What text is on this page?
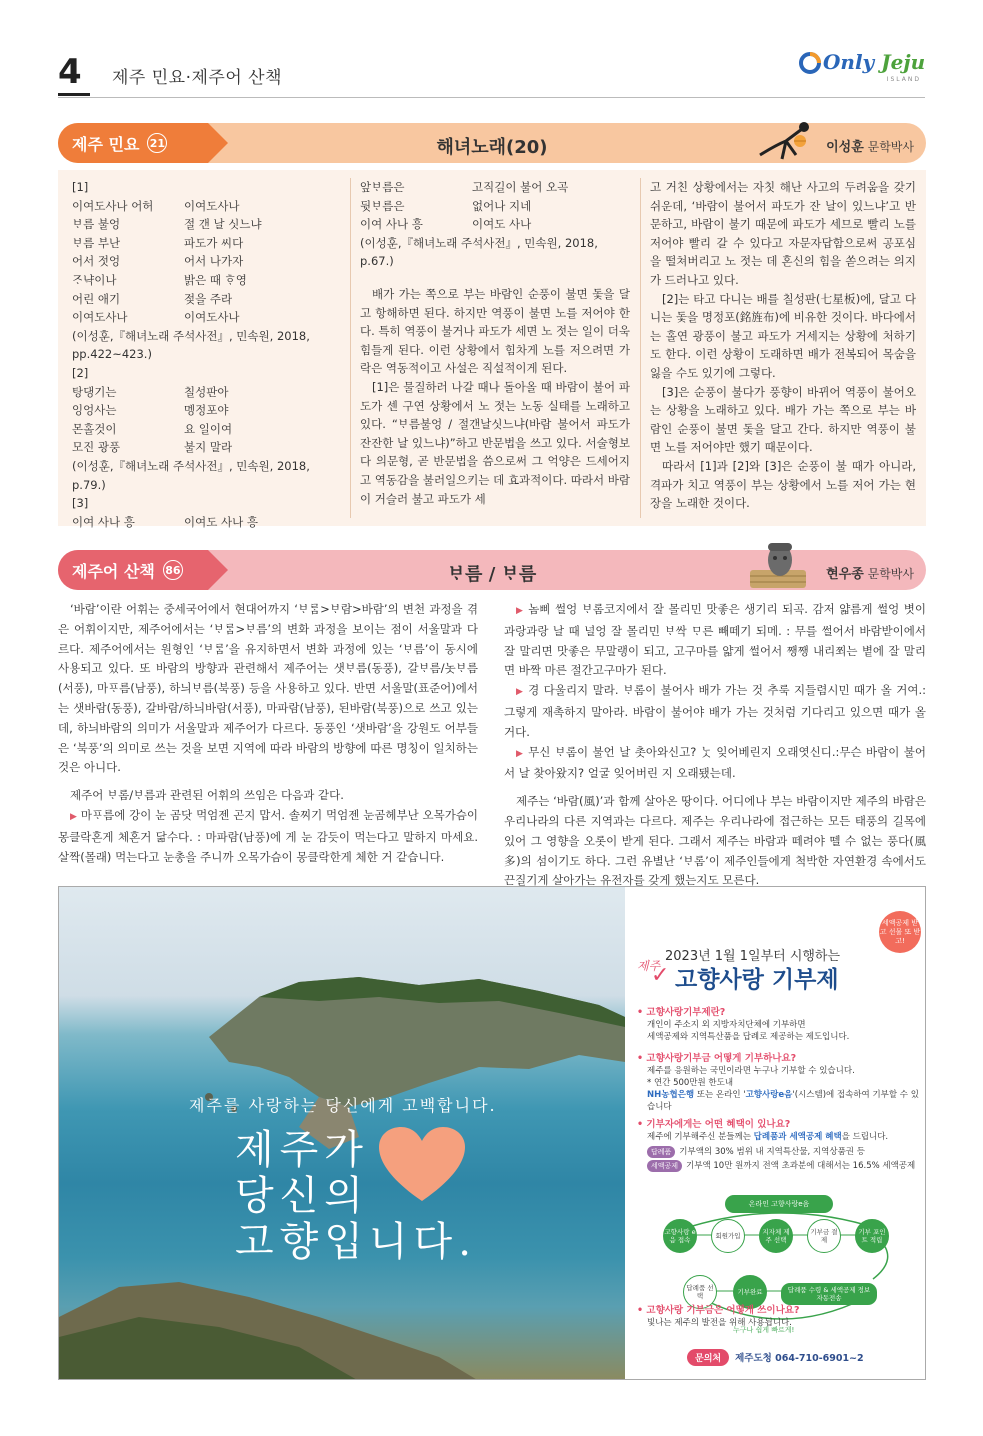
4 제주 민요·제주어 산책
Only Jeju
ISLAND
제주 민요 21	해녀노래(20)	이성훈 문학박사
[1]
이여도사나 어허	이여도사나
ᄇᆞ름 불엉	절 갠 날 싯느냐
ᄇᆞ름 부난	파도가 씨다
어서 젓엉	어서 나가자
ᄌᆞ냑이나	밝은 때 ᄒᆞ영
어린 애기	젖을 주라
이여도사나	이여도사나
(이성훈,『해녀노래 주석사전』, 민속원, 2018, pp.422~423.)
[2]
탕댕기는	칠성판아
잉엉사는	멩정포야
몬홀것이	요 일이여
모진 광풍	불지 말라
(이성훈,『해녀노래 주석사전』, 민속원, 2018, p.79.)
[3]
이여 사나 흥	이여도 사나 흥
앞ᄇᆞ름은	고직길이 불어 오곡
뒷ᄇᆞ름은	없어나 지네
이여 사나 흥	이여도 사나
(이성훈,『해녀노래 주석사전』, 민속원, 2018, p.67.)

배가 가는 쪽으로 부는 바람인 순풍이 불면 돛을 달고 항해하면 된다. 하지만 역풍이 불면 노를 저어야 한다. 특히 역풍이 불거나 파도가 세면 노 젓는 일이 더욱 힘들게 된다. 이런 상황에서 힘차게 노를 저으려면 가락은 역동적이고 사설은 직설적이게 된다.

[1]은 물질하러 나갈 때나 돌아올 때 바람이 불어 파도가 센 구연 상황에서 노 젓는 노동 실태를 노래하고 있다. “ᄇᆞ름불엉 / 절갠날싯느냐(바람 불어서 파도가 잔잔한 날 있느냐)”하고 반문법을 쓰고 있다. 서술형보다 의문형, 곧 반문법을 씀으로써 그 억양은 드세어지고 역동감을 불러일으키는 데 효과적이다. 따라서 바람이 거슬러 불고 파도가 세

고 거친 상황에서는 자칫 해난 사고의 두려움을 갖기 쉬운데, ‘바람이 불어서 파도가 잔 날이 있느냐’고 반문하고, 바람이 불기 때문에 파도가 세므로 빨리 노를 저어야 빨리 갈 수 있다고 자문자답함으로써 공포심을 떨쳐버리고 노 젓는 데 혼신의 힘을 쏟으려는 의지가 드러나고 있다.

[2]는 타고 다니는 배를 칠성판(七星板)에, 달고 다니는 돛을 명정포(銘旌布)에 비유한 것이다. 바다에서는 홀연 광풍이 불고 파도가 거세지는 상황에 처하기도 한다. 이런 상황이 도래하면 배가 전복되어 목숨을 잃을 수도 있기에 그렇다.

[3]은 순풍이 불다가 풍향이 바뀌어 역풍이 불어오는 상황을 노래하고 있다. 배가 가는 쪽으로 부는 바람인 순풍이 불면 돛을 달고 간다. 하지만 역풍이 불면 노를 저어야만 했기 때문이다.

따라서 [1]과 [2]와 [3]은 순풍이 불 때가 아니라, 격파가 치고 역풍이 부는 상황에서 노를 저어 가는 현장을 노래한 것이다.

제주어 산책 86	ᄇᆞ름 / ᄇᆞ름	현우종 문학박사

‘바람’이란 어휘는 중세국어에서 현대어까지 ‘ᄇᆞᄅᆞᆷ>ᄇᆞ람>바람’의 변천 과정을 겪은 어휘이지만, 제주어에서는 ‘ᄇᆞᄅᆞᆷ>ᄇᆞ름’의 변화 과정을 보이는 점이 서울말과 다르다. 제주어에서는 원형인 ‘ᄇᆞᄅᆞᆷ’을 유지하면서 변화 과정에 있는 ‘ᄇᆞ름’이 동시에 사용되고 있다. 또 바람의 방향과 관련해서 제주어는 샛ᄇᆞ름(동풍), 갈ᄇᆞ름/놋ᄇᆞ름(서풍), 마ᄑᆞ름(남풍), 하늬ᄇᆞ름(북풍) 등을 사용하고 있다. 반면 서울말(표준어)에서는 샛바람(동풍), 갈바람/하늬바람(서풍), 마파람(남풍), 된바람(북풍)으로 쓰고 있는데, 하늬바람의 의미가 서울말과 제주어가 다르다. 동풍인 ‘샛바람’을 강원도 어부들은 ‘북풍’의 의미로 쓰는 것을 보면 지역에 따라 바람의 방향에 따른 명칭이 일치하는 것은 아니다.

제주어 ᄇᆞ롬/ᄇᆞ름과 관련된 어휘의 쓰임은 다음과 같다.

▶ 마ᄑᆞ름에 강이 눈 곰닷 먹엄젠 곤지 맙서. 솔찌기 먹엄젠 눈곰헤부난 오목가슴이 몽클락혼게 체혼거 닮수다. : 마파람(남풍)에 게 눈 감듯이 먹는다고 말하지 마세요. 살짝(몰래) 먹는다고 눈총을 주니까 오목가슴이 몽클락한게 체한 거 같습니다.

▶ 놈삐 썰엉 ᄇᆞ롬코지에서 잘 몰리민 맛좋은 생기리 되곡. 감저 얇름게 썰엉 볏이 과랑과랑 날 때 널엉 잘 몰리민 ᄇᆞ싹 ᄆᆞ른 빼떼기 되메. : 무를 썰어서 바람받이에서 잘 말리면 맛좋은 무말랭이 되고, 고구마를 얇게 썰어서 쨍쨍 내리쬐는 볕에 잘 말리면 바짝 마른 절간고구마가 된다.

▶ 경 다울리지 말라. ᄇᆞ롬이 불어사 배가 가는 것 추룩 지들렴시민 때가 올 거여.: 그렇게 재촉하지 말아라. 바람이 불어야 배가 가는 것처럼 기다리고 있으면 때가 올 거다.

▶ 무신 ᄇᆞ롬이 불언 날 촛아와신고? ᄂᆞᆺ 잊어베린지 오래엿신디.:무슨 바람이 불어서 날 찾아왔지? 얼굴 잊어버린 지 오래됐는데.

제주는 ‘바람(風)’과 함께 살아온 땅이다. 어디에나 부는 바람이지만 제주의 바람은 우리나라의 다른 지역과는 다르다. 제주는 우리나라에 접근하는 모든 태풍의 길목에 있어 그 영향을 오롯이 받게 된다. 그래서 제주는 바람과 떼려야 뗄 수 없는 풍다(風多)의 섬이기도 하다. 그런 유별난 ‘ᄇᆞ롬’이 제주인들에게 척박한 자연환경 속에서도 끈질기게 살아가는 유전자를 갖게 했는지도 모른다.

제주를 사랑하는 당신에게 고백합니다.
제주가
당신의
고향입니다.
세액공제 받고 선물 또 받고!
2023년 1월 1일부터 시행하는
제주
✓ 고향사랑 기부제
• 고향사랑기부제란?
개인이 주소지 외 지방자치단체에 기부하면
세액공제와 지역특산품을 답례로 제공하는 제도입니다.
• 고향사랑기부금 어떻게 기부하나요?
제주를 응원하는 국민이라면 누구나 기부할 수 있습니다.
* 연간 500만원 한도내
NH농협은행 또는 온라인 '고향사랑e음'(시스템)에 접속하여 기부할 수 있습니다
• 기부자에게는 어떤 혜택이 있나요?
제주에 기부해주신 분들께는 답례품과 세액공제 혜택을 드립니다.
답례품 기부액의 30% 범위 내 지역특산물, 지역상품권 등
세액공제 기부액 10만 원까지 전액 초과분에 대해서는 16.5% 세액공제
온라인 고향사랑e음
고향사랑 e음 접속	회원가입	지자체 제주 선택
기부금 결제
기부 포인트 적립
답례품 선택	기부완료	답례품 수령 & 세액공제 정보 자동전송
누구나 쉽게 빠르게!
• 고향사랑 기부금은 어떻게 쓰이나요?
빛나는 제주의 발전을 위해 사용됩니다.
문의처	제주도청 064-710-6901~2
